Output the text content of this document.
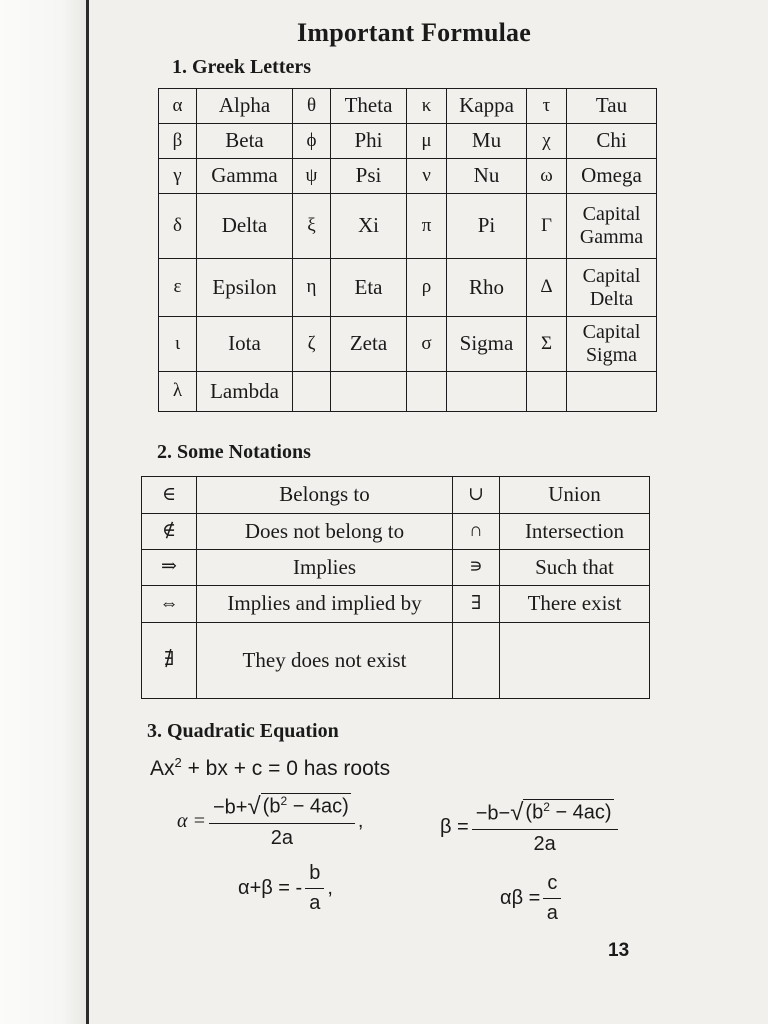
Important Formulae
1. Greek Letters
α	Alpha	θ	Theta	κ	Kappa	τ	Tau
β	Beta	ϕ	Phi	μ	Mu	χ	Chi
γ	Gamma	ψ	Psi	ν	Nu	ω	Omega
δ	Delta	ξ	Xi	π	Pi	Γ	Capital Gamma
ε	Epsilon	η	Eta	ρ	Rho	Δ	Capital Delta
ι	Iota	ζ	Zeta	σ	Sigma	Σ	Capital Sigma
λ	Lambda						
2. Some Notations
∈	Belongs to	∪	Union
∉	Does not belong to	∩	Intersection
⇒	Implies	∍	Such that
⇔	Implies and implied by	∃	There exist
∄	They does not exist		
3. Quadratic Equation
$Ax^2$ + bx + c = 0 has roots
$\alpha = \frac{-b+ √ (b^2 - 4ac)}{2a}$ ,	$\beta = \frac{-b- √ (b^2 - 4ac)}{2a}$
α+β = - $\frac{b}{a}$ ,	$\alpha\beta = \frac{c}{a}$
13
